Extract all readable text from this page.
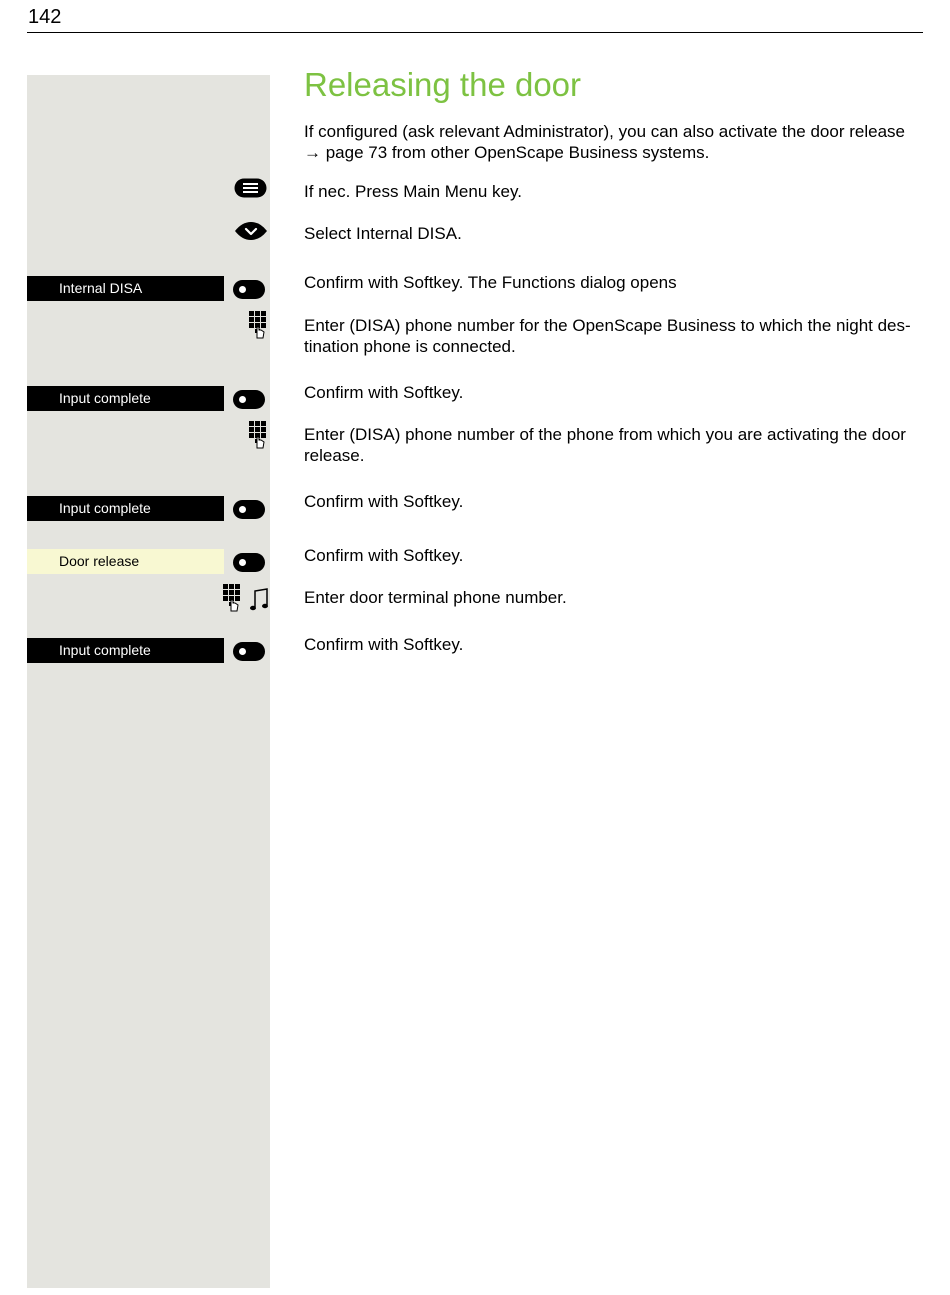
142
Releasing the door
If configured (ask relevant Administrator), you can also activate the door release → page 73 from other OpenScape Business systems.
If nec. Press Main Menu key.
Select Internal DISA.
Internal DISA	Confirm with Softkey. The Functions dialog opens
Enter (DISA) phone number for the OpenScape Business to which the night des-tination phone is connected.
Input complete	Confirm with Softkey.
Enter (DISA) phone number of the phone from which you are activating the door release.
Input complete	Confirm with Softkey.
Door release	Confirm with Softkey.
Enter door terminal phone number.
Input complete	Confirm with Softkey.
